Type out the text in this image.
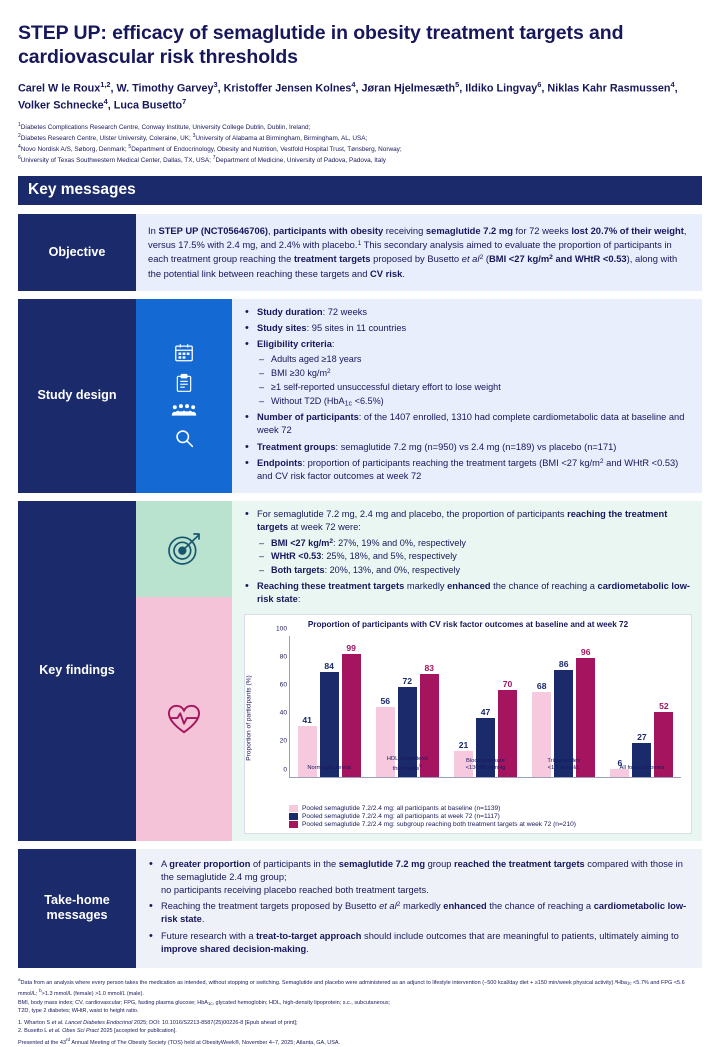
STEP UP: efficacy of semaglutide in obesity treatment targets and cardiovascular risk thresholds
Carel W le Roux$^{1,2}$, W. Timothy Garvey$^3$, Kristoffer Jensen Kolnes$^4$, Jøran Hjelmesæth$^5$, Ildiko Lingvay$^6$, Niklas Kahr Rasmussen$^4$, Volker Schnecke$^4$, Luca Busetto$^7$
$^1$Diabetes Complications Research Centre, Conway Institute, University College Dublin, Dublin, Ireland;
$^2$Diabetes Research Centre, Ulster University, Coleraine, UK; $^3$University of Alabama at Birmingham, Birmingham, AL, USA;
$^4$Novo Nordisk A/S, Søborg, Denmark; $^5$Department of Endocrinology, Obesity and Nutrition, Vestfold Hospital Trust, Tønsberg, Norway;
$^6$University of Texas Southwestern Medical Center, Dallas, TX, USA; $^7$Department of Medicine, University of Padova, Padova, Italy
Key messages
Objective
In STEP UP (NCT05646706), participants with obesity receiving semaglutide 7.2 mg for 72 weeks lost 20.7% of their weight, versus 17.5% with 2.4 mg, and 2.4% with placebo.$^1$ This secondary analysis aimed to evaluate the proportion of participants in each treatment group reaching the treatment targets proposed by Busetto et $al^2$ (BMI <27 $kg/m^2$ and WHtR <0.53), along with the potential link between reaching these targets and CV risk.
Study design
• Study duration: 72 weeks
• Study sites: 95 sites in 11 countries
• Eligibility criteria:
– Adults aged ≥18 years
– BMI ≥30 $kg/m^2$
– ≥1 self-reported unsuccessful dietary effort to lose weight
– Without T2D (HbA1c <6.5%)
• Number of participants: of the 1407 enrolled, 1310 had complete cardiometabolic data at baseline and week 72
• Treatment groups: semaglutide 7.2 mg (n=950) vs 2.4 mg (n=189) vs placebo (n=171)
• Endpoints: proportion of participants reaching the treatment targets (BMI <27 $kg/m^2$ and WHtR <0.53) and CV risk factor outcomes at week 72
Key findings
• For semaglutide 7.2 mg, 2.4 mg and placebo, the proportion of participants reaching the treatment targets at week 72 were:
– BMI <27 $kg/m^2$: 27%, 19% and 0%, respectively
– WHtR <0.53: 25%, 18%, and 5%, respectively
– Both targets: 20%, 13%, and 0%, respectively
• Reaching these treatment targets markedly enhanced the chance of reaching a cardiometabolic low-risk state:
Proportion of participants with CV risk factor outcomes at baseline and at week 72
Proportion of participants (%)
0
20
40
60
80
100
41
84
99
Normoglycaemia
56
72
83
HDL cholesterol
thresholds$^b$
21
47
70
Blood pressure
<130/80 mmHg
68
86
96
Triglycerides
<1.7 mmol/L
6
27
52
All four outcomes
Pooled semaglutide 7.2/2.4 mg: all participants at baseline (n=1139)
Pooled semaglutide 7.2/2.4 mg: all participants at week 72 (n=1117)
Pooled semaglutide 7.2/2.4 mg: subgroup reaching both treatment targets at week 72 (n=210)
Take-home messages
• A greater proportion of participants in the semaglutide 7.2 mg group reached the treatment targets compared with those in the semaglutide 2.4 mg group;
no participants receiving placebo reached both treatment targets.
• Reaching the treatment targets proposed by Busetto et $al^2$ markedly enhanced the chance of reaching a cardiometabolic low-risk state.
• Future research with a treat-to-target approach should include outcomes that are meaningful to patients, ultimately aiming to improve shared decision-making.
$^a$Data from an analysis where every person takes the medication as intended, without stopping or switching. Semaglutide and placebo were administered as an adjunct to lifestyle intervention (−500 kcal/day diet + ≥150 min/week physical activity).ªHba1c <5.7% and FPG <5.6 mmol/L; $^b$>1.3 mmol/L (female) >1.0 mmol/L (male).
BMI, body mass index; CV, cardiovascular; FPG, fasting plasma glucose; HbA1c, glycated hemoglobin; HDL, high-density lipoprotein; s.c., subcutaneous;
T2D, type 2 diabetes; WHtR, waist to height ratio.
1. Wharton S et al. Lancet Diabetes Endocrinol 2025; DOI: 10.1016/S2213-8587(25)00226-8 [Epub ahead of print];
2. Busetto L et al. Obes Sci Pract 2025 [accepted for publication].
Presented at the 43rd Annual Meeting of The Obesity Society (TOS) held at ObesityWeek®, November 4–7, 2025; Atlanta, GA, USA.
